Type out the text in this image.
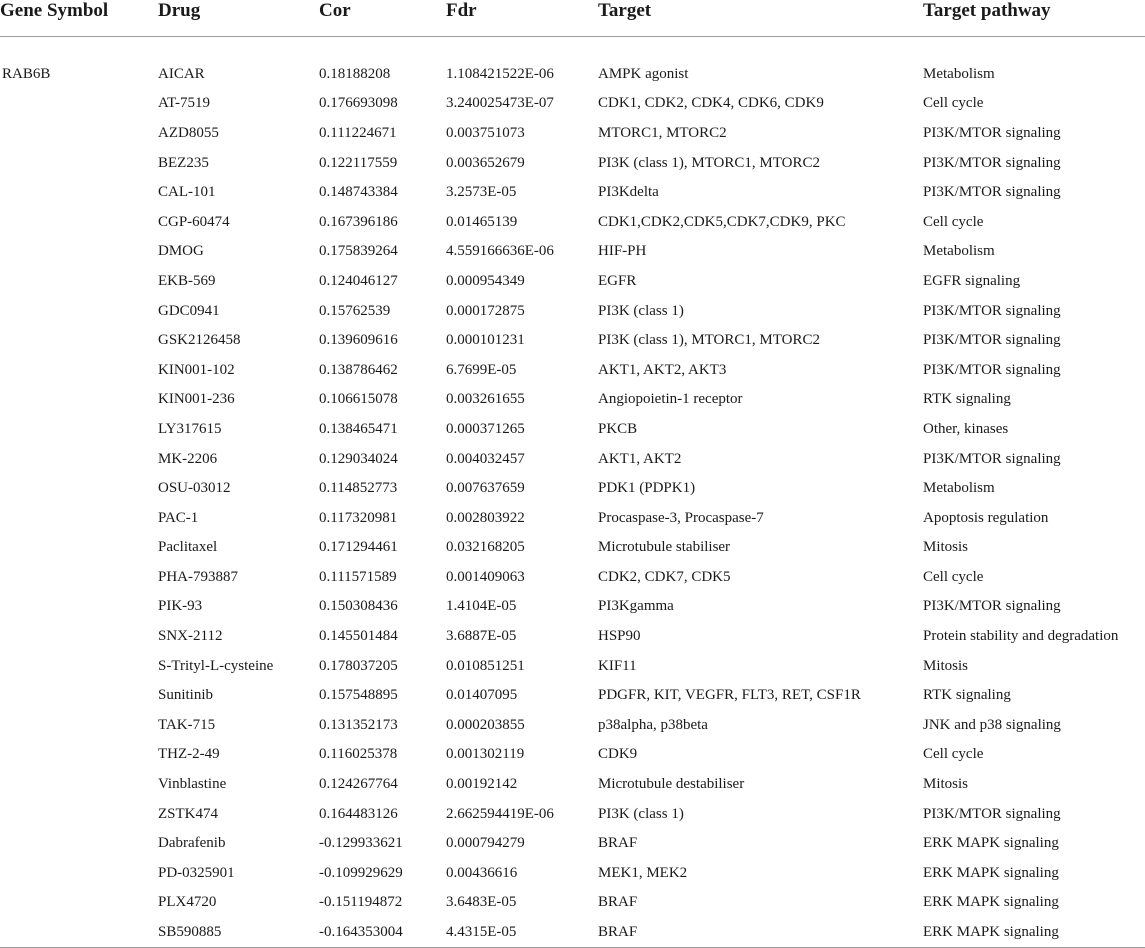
Gene Symbol	Drug	Cor	Fdr	Target	Target pathway
RAB6B	AICAR	0.18188208	1.108421522E-06	AMPK agonist	Metabolism
	AT-7519	0.176693098	3.240025473E-07	CDK1, CDK2, CDK4, CDK6, CDK9	Cell cycle
	AZD8055	0.111224671	0.003751073	MTORC1, MTORC2	PI3K/MTOR signaling
	BEZ235	0.122117559	0.003652679	PI3K (class 1), MTORC1, MTORC2	PI3K/MTOR signaling
	CAL-101	0.148743384	3.2573E-05	PI3Kdelta	PI3K/MTOR signaling
	CGP-60474	0.167396186	0.01465139	CDK1,CDK2,CDK5,CDK7,CDK9, PKC	Cell cycle
	DMOG	0.175839264	4.559166636E-06	HIF-PH	Metabolism
	EKB-569	0.124046127	0.000954349	EGFR	EGFR signaling
	GDC0941	0.15762539	0.000172875	PI3K (class 1)	PI3K/MTOR signaling
	GSK2126458	0.139609616	0.000101231	PI3K (class 1), MTORC1, MTORC2	PI3K/MTOR signaling
	KIN001-102	0.138786462	6.7699E-05	AKT1, AKT2, AKT3	PI3K/MTOR signaling
	KIN001-236	0.106615078	0.003261655	Angiopoietin-1 receptor	RTK signaling
	LY317615	0.138465471	0.000371265	PKCB	Other, kinases
	MK-2206	0.129034024	0.004032457	AKT1, AKT2	PI3K/MTOR signaling
	OSU-03012	0.114852773	0.007637659	PDK1 (PDPK1)	Metabolism
	PAC-1	0.117320981	0.002803922	Procaspase-3, Procaspase-7	Apoptosis regulation
	Paclitaxel	0.171294461	0.032168205	Microtubule stabiliser	Mitosis
	PHA-793887	0.111571589	0.001409063	CDK2, CDK7, CDK5	Cell cycle
	PIK-93	0.150308436	1.4104E-05	PI3Kgamma	PI3K/MTOR signaling
	SNX-2112	0.145501484	3.6887E-05	HSP90	Protein stability and degradation
	S-Trityl-L-cysteine	0.178037205	0.010851251	KIF11	Mitosis
	Sunitinib	0.157548895	0.01407095	PDGFR, KIT, VEGFR, FLT3, RET, CSF1R	RTK signaling
	TAK-715	0.131352173	0.000203855	p38alpha, p38beta	JNK and p38 signaling
	THZ-2-49	0.116025378	0.001302119	CDK9	Cell cycle
	Vinblastine	0.124267764	0.00192142	Microtubule destabiliser	Mitosis
	ZSTK474	0.164483126	2.662594419E-06	PI3K (class 1)	PI3K/MTOR signaling
	Dabrafenib	-0.129933621	0.000794279	BRAF	ERK MAPK signaling
	PD-0325901	-0.109929629	0.00436616	MEK1, MEK2	ERK MAPK signaling
	PLX4720	-0.151194872	3.6483E-05	BRAF	ERK MAPK signaling
	SB590885	-0.164353004	4.4315E-05	BRAF	ERK MAPK signaling
